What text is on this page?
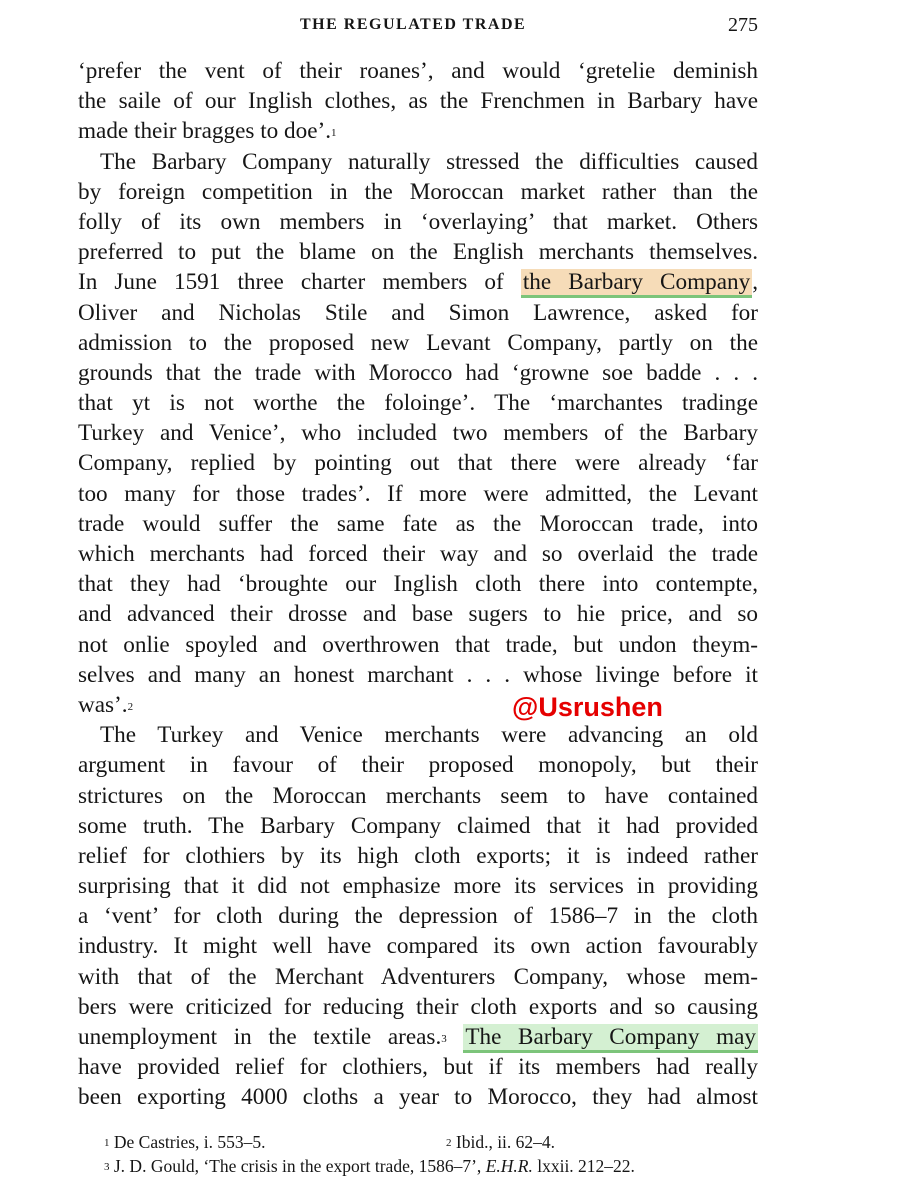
THE REGULATED TRADE	275
‘prefer the vent of their roanes’, and would ‘gretelie deminish
the saile of our Inglish clothes, as the Frenchmen in Barbary have
made their bragges to doe’.$^1$
The Barbary Company naturally stressed the difficulties caused
by foreign competition in the Moroccan market rather than the
folly of its own members in ‘overlaying’ that market. Others
preferred to put the blame on the English merchants themselves.
In June 1591 three charter members of the Barbary Company,
Oliver and Nicholas Stile and Simon Lawrence, asked for
admission to the proposed new Levant Company, partly on the
grounds that the trade with Morocco had ‘growne soe badde . . .
that yt is not worthe the foloinge’. The ‘marchantes tradinge
Turkey and Venice’, who included two members of the Barbary
Company, replied by pointing out that there were already ‘far
too many for those trades’. If more were admitted, the Levant
trade would suffer the same fate as the Moroccan trade, into
which merchants had forced their way and so overlaid the trade
that they had ‘broughte our Inglish cloth there into contempte,
and advanced their drosse and base sugers to hie price, and so
not onlie spoyled and overthrowen that trade, but undon theym-
selves and many an honest marchant . . . whose livinge before it
was’.$^2$
The Turkey and Venice merchants were advancing an old
argument in favour of their proposed monopoly, but their
strictures on the Moroccan merchants seem to have contained
some truth. The Barbary Company claimed that it had provided
relief for clothiers by its high cloth exports; it is indeed rather
surprising that it did not emphasize more its services in providing
a ‘vent’ for cloth during the depression of 1586–7 in the cloth
industry. It might well have compared its own action favourably
with that of the Merchant Adventurers Company, whose mem-
bers were criticized for reducing their cloth exports and so causing
unemployment in the textile areas.$^3$ The Barbary Company may
have provided relief for clothiers, but if its members had really
been exporting 4000 cloths a year to Morocco, they had almost
@Usrushen
$^1$ De Castries, i. 553–5.	$^2$ Ibid., ii. 62–4.
$^3$ J. D. Gould, ‘The crisis in the export trade, 1586–7’, E.H.R. lxxii. 212–22.
